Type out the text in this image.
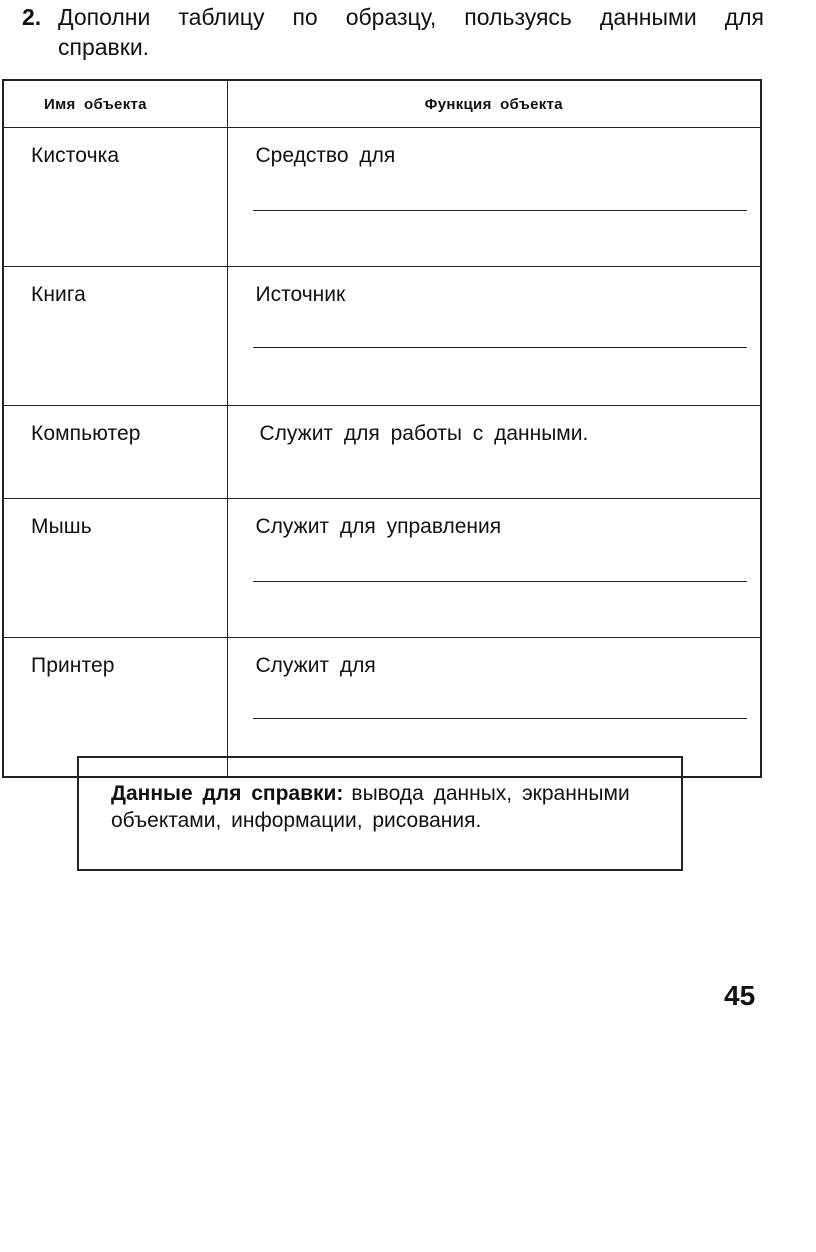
2. Дополни таблицу по образцу, пользуясь данными для справки.
Имя объекта	Функция объекта
Кисточка	Средство для

Книга	Источник

Компьютер	Служит для работы с данными.

Мышь	Служит для управления

Принтер	Служит для
Данные для справки: вывода данных, экранными объектами, информации, рисования.
45
